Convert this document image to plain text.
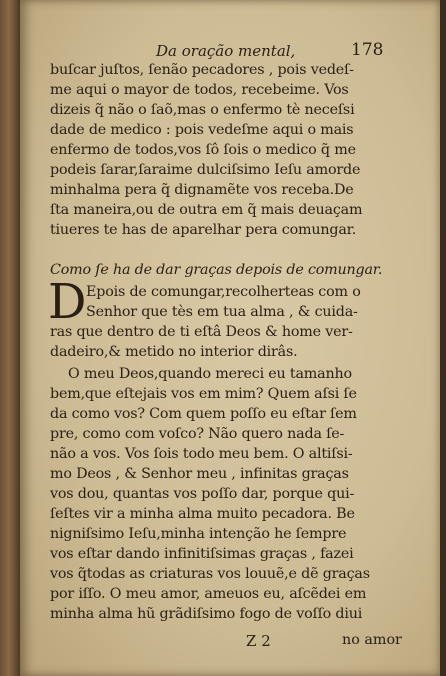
Da oração mental,	178
buſcar juſtos, ſenão pecadores , pois vedeſ-
me aqui o mayor de todos, recebeime. Vos
dizeis q̃ não o ſaõ,mas o enfermo tè neceſsi
dade de medico : pois vedeſme aqui o mais
enfermo de todos,vos ſô ſois o medico q̃ me
podeis ſarar,ſaraime dulciſsimo Ieſu amorde
minhalma pera q̃ dignamẽte vos receba.De
ſta maneira,ou de outra em q̃ mais deuaçam
tiueres te has de aparelhar pera comungar.
Como ſe ha de dar graças depois de comungar.
D Epois de comungar,recolherteas com o
Senhor que tès em tua alma , & cuida-
ras que dentro de ti eſtâ Deos & home ver-
dadeiro,& metido no interior dirâs.
O meu Deos,quando mereci eu tamanho
bem,que eſtejais vos em mim? Quem aſsi ſe
da como vos? Com quem poſſo eu eſtar ſem
pre, como com voſco? Não quero nada ſe-
não a vos. Vos ſois todo meu bem. O altiſsi-
mo Deos , & Senhor meu , infinitas graças
vos dou, quantas vos poſſo dar, porque qui-
ſeſtes vir a minha alma muito pecadora. Be
nigniſsimo Ieſu,minha intenção he ſempre
vos eſtar dando infinitiſsimas graças , fazei
vos q̃todas as criaturas vos louuẽ,e dẽ graças
por iſſo. O meu amor, ameuos eu, aſcẽdei em
minha alma hũ grãdiſsimo fogo de voſſo diui
Z 2	no amor
